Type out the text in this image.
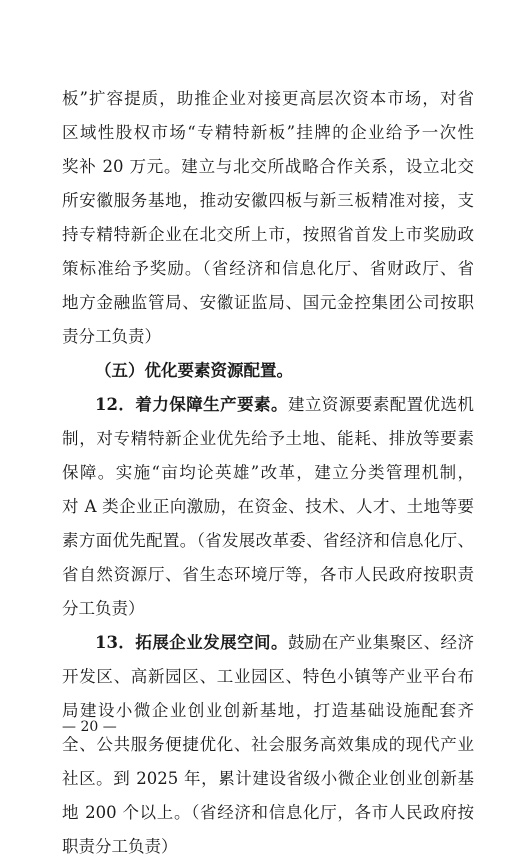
板”扩容提质，助推企业对接更高层次资本市场，对省
区域性股权市场“专精特新板”挂牌的企业给予一次性
奖补 20 万元。建立与北交所战略合作关系，设立北交
所安徽服务基地，推动安徽四板与新三板精准对接，支
持专精特新企业在北交所上市，按照省首发上市奖励政
策标准给予奖励。（省经济和信息化厅、省财政厅、省
地方金融监管局、安徽证监局、国元金控集团公司按职
责分工负责）
（五）优化要素资源配置。
12．着力保障生产要素。建立资源要素配置优选机
制，对专精特新企业优先给予土地、能耗、排放等要素
保障。实施“亩均论英雄”改革，建立分类管理机制，
对 A 类企业正向激励，在资金、技术、人才、土地等要
素方面优先配置。（省发展改革委、省经济和信息化厅、
省自然资源厅、省生态环境厅等，各市人民政府按职责
分工负责）
13．拓展企业发展空间。鼓励在产业集聚区、经济
开发区、高新园区、工业园区、特色小镇等产业平台布
局建设小微企业创业创新基地，打造基础设施配套齐
全、公共服务便捷优化、社会服务高效集成的现代产业
社区。到 2025 年，累计建设省级小微企业创业创新基
地 200 个以上。（省经济和信息化厅，各市人民政府按
职责分工负责）
— 20 —
